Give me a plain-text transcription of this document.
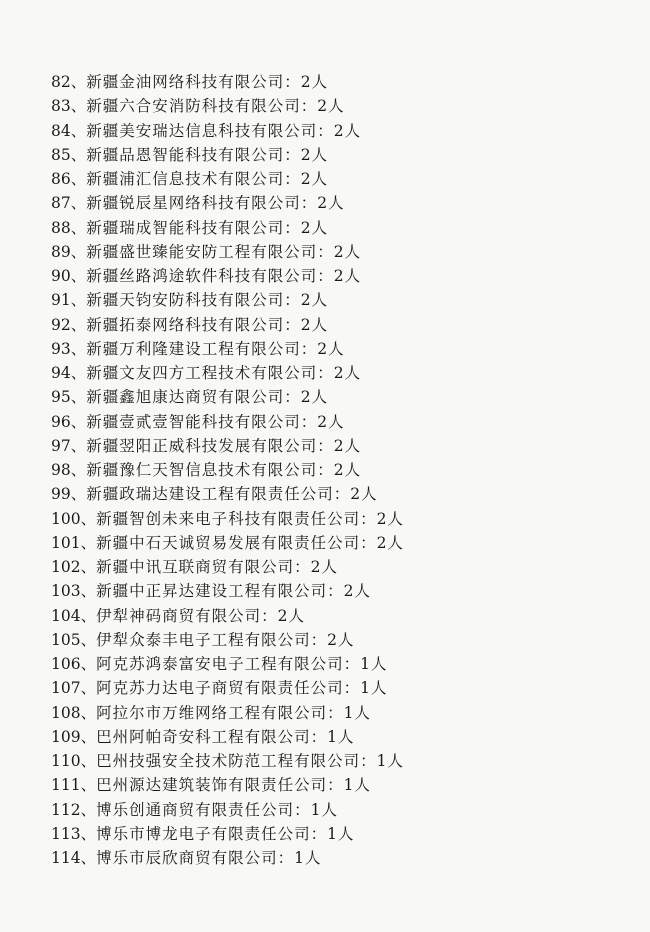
82、新疆金油网络科技有限公司：2人
83、新疆六合安消防科技有限公司：2人
84、新疆美安瑞达信息科技有限公司：2人
85、新疆品恩智能科技有限公司：2人
86、新疆浦汇信息技术有限公司：2人
87、新疆锐辰星网络科技有限公司：2人
88、新疆瑞成智能科技有限公司：2人
89、新疆盛世臻能安防工程有限公司：2人
90、新疆丝路鸿途软件科技有限公司：2人
91、新疆天钧安防科技有限公司：2人
92、新疆拓泰网络科技有限公司：2人
93、新疆万利隆建设工程有限公司：2人
94、新疆文友四方工程技术有限公司：2人
95、新疆鑫旭康达商贸有限公司：2人
96、新疆壹贰壹智能科技有限公司：2人
97、新疆翌阳正威科技发展有限公司：2人
98、新疆豫仁天智信息技术有限公司：2人
99、新疆政瑞达建设工程有限责任公司：2人
100、新疆智创未来电子科技有限责任公司：2人
101、新疆中石天诚贸易发展有限责任公司：2人
102、新疆中讯互联商贸有限公司：2人
103、新疆中正昇达建设工程有限公司：2人
104、伊犁神码商贸有限公司：2人
105、伊犁众泰丰电子工程有限公司：2人
106、阿克苏鸿泰富安电子工程有限公司：1人
107、阿克苏力达电子商贸有限责任公司：1人
108、阿拉尔市万维网络工程有限公司：1人
109、巴州阿帕奇安科工程有限公司：1人
110、巴州技强安全技术防范工程有限公司：1人
111、巴州源达建筑装饰有限责任公司：1人
112、博乐创通商贸有限责任公司：1人
113、博乐市博龙电子有限责任公司：1人
114、博乐市辰欣商贸有限公司：1人
